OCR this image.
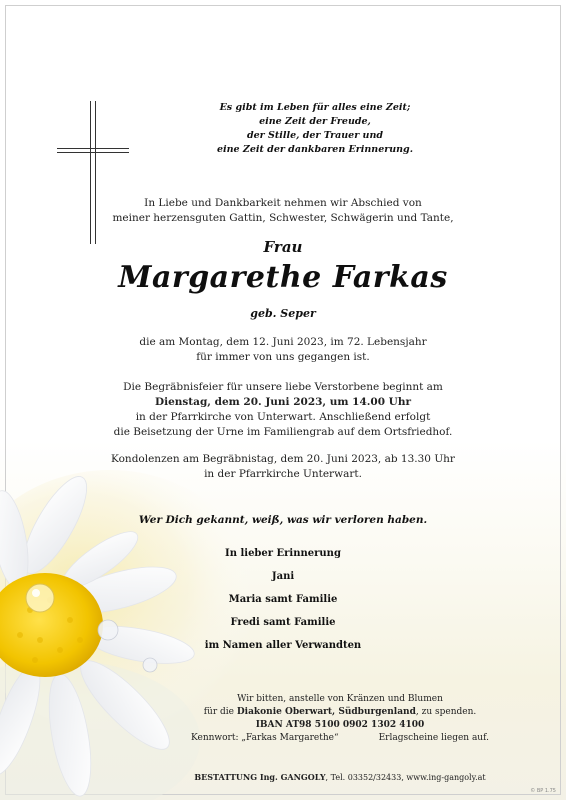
Es gibt im Leben für alles eine Zeit;
eine Zeit der Freude,
der Stille, der Trauer und
eine Zeit der dankbaren Erinnerung.
In Liebe und Dankbarkeit nehmen wir Abschied von
meiner herzensguten Gattin, Schwester, Schwägerin und Tante,
Frau
Margarethe Farkas
geb. Seper
die am Montag, dem 12. Juni 2023, im 72. Lebensjahr
für immer von uns gegangen ist.
Die Begräbnisfeier für unsere liebe Verstorbene beginnt am
Dienstag, dem 20. Juni 2023, um 14.00 Uhr
in der Pfarrkirche von Unterwart. Anschließend erfolgt
die Beisetzung der Urne im Familiengrab auf dem Ortsfriedhof.
Kondolenzen am Begräbnistag, dem 20. Juni 2023, ab 13.30 Uhr
in der Pfarrkirche Unterwart.
Wer Dich gekannt, weiß, was wir verloren haben.
In lieber Erinnerung
Jani
Maria samt Familie
Fredi samt Familie
im Namen aller Verwandten
Wir bitten, anstelle von Kränzen und Blumen
für die Diakonie Oberwart, Südburgenland, zu spenden.
IBAN AT98 5100 0902 1302 4100
Kennwort: „Farkas Margarethe“	Erlagscheine liegen auf.
BESTATTUNG Ing. GANGOLY, Tel. 03352/32433, www.ing-gangoly.at
© BP 1.75
